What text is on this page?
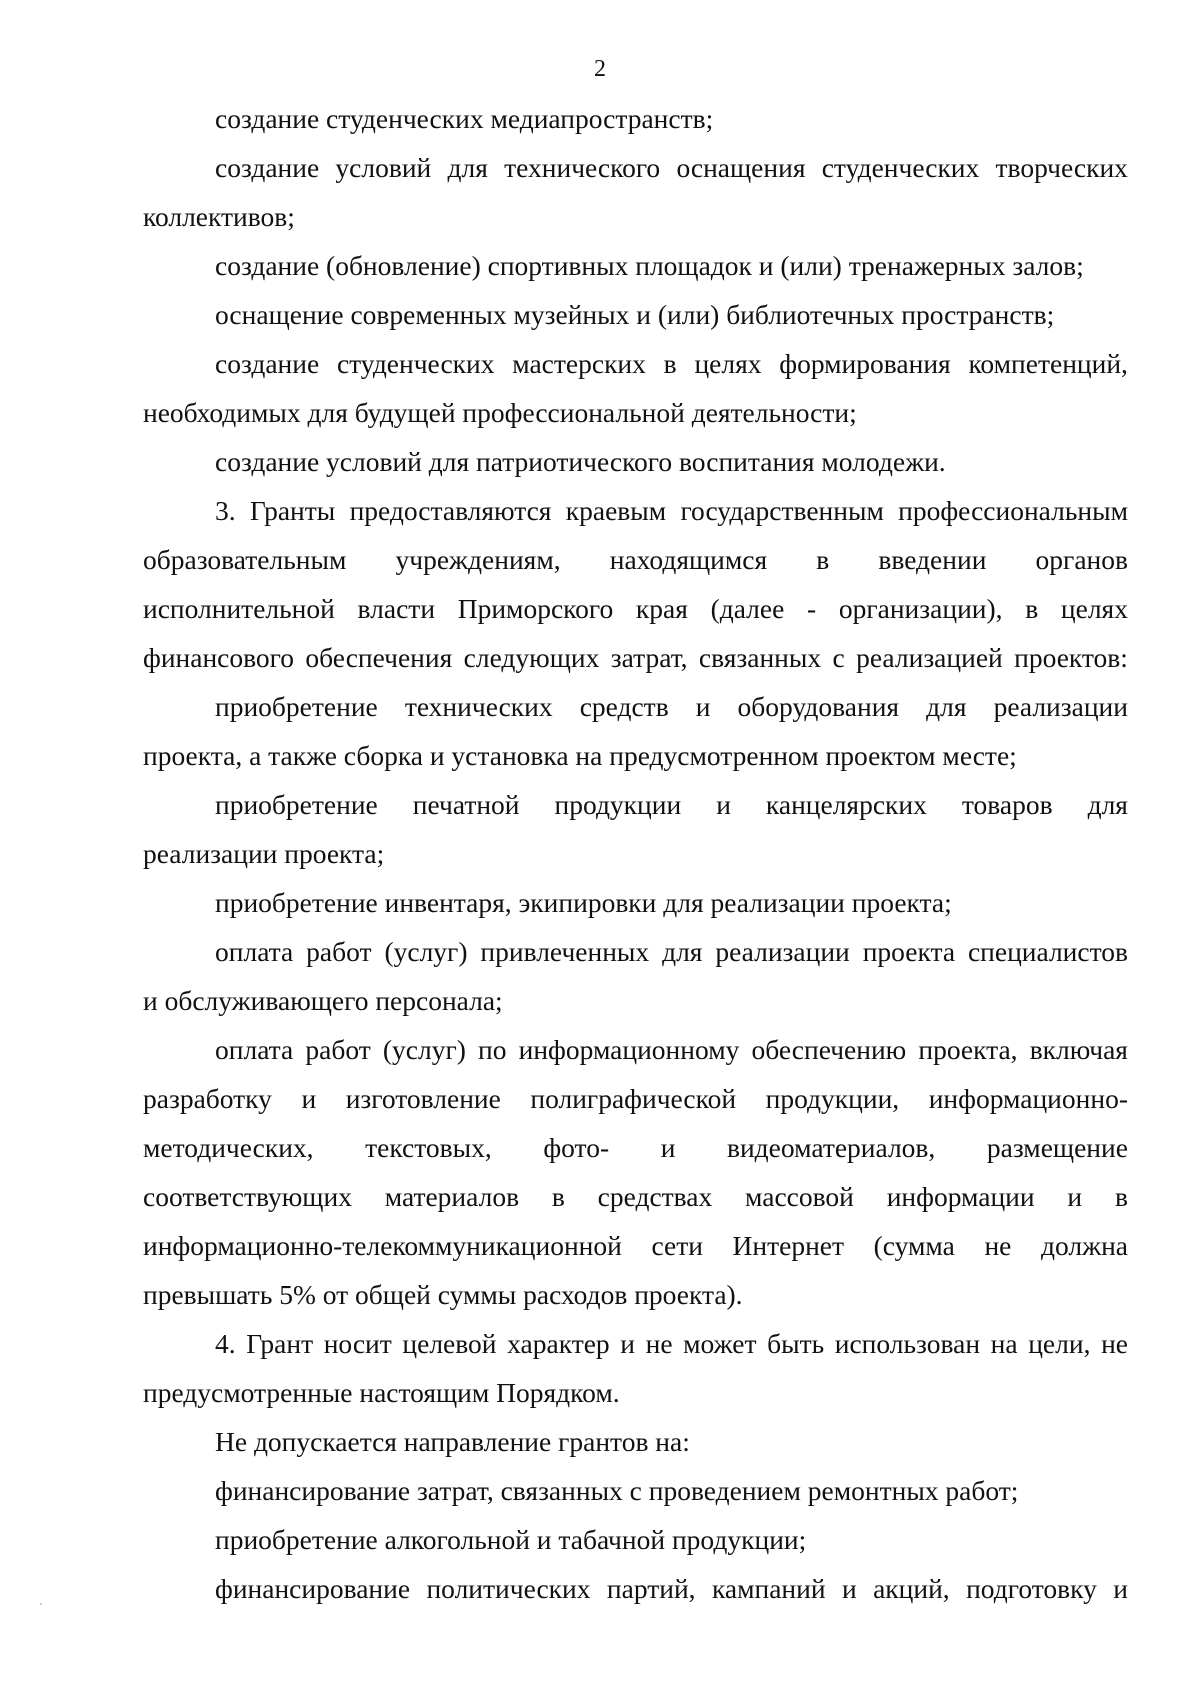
2
создание студенческих медиапространств;
создание условий для технического оснащения студенческих творческих
коллективов;
создание (обновление) спортивных площадок и (или) тренажерных залов;
оснащение современных музейных и (или) библиотечных пространств;
создание студенческих мастерских в целях формирования компетенций,
необходимых для будущей профессиональной деятельности;
создание условий для патриотического воспитания молодежи.
3. Гранты предоставляются краевым государственным профессиональным
образовательным учреждениям, находящимся в введении органов
исполнительной власти Приморского края (далее - организации), в целях
финансового обеспечения следующих затрат, связанных с реализацией проектов:
приобретение технических средств и оборудования для реализации
проекта, а также сборка и установка на предусмотренном проектом месте;
приобретение печатной продукции и канцелярских товаров для
реализации проекта;
приобретение инвентаря, экипировки для реализации проекта;
оплата работ (услуг) привлеченных для реализации проекта специалистов
и обслуживающего персонала;
оплата работ (услуг) по информационному обеспечению проекта, включая
разработку и изготовление полиграфической продукции, информационно-
методических, текстовых, фото- и видеоматериалов, размещение
соответствующих материалов в средствах массовой информации и в
информационно-телекоммуникационной сети Интернет (сумма не должна
превышать 5% от общей суммы расходов проекта).
4. Грант носит целевой характер и не может быть использован на цели, не
предусмотренные настоящим Порядком.
Не допускается направление грантов на:
финансирование затрат, связанных с проведением ремонтных работ;
приобретение алкогольной и табачной продукции;
финансирование политических партий, кампаний и акций, подготовку и
